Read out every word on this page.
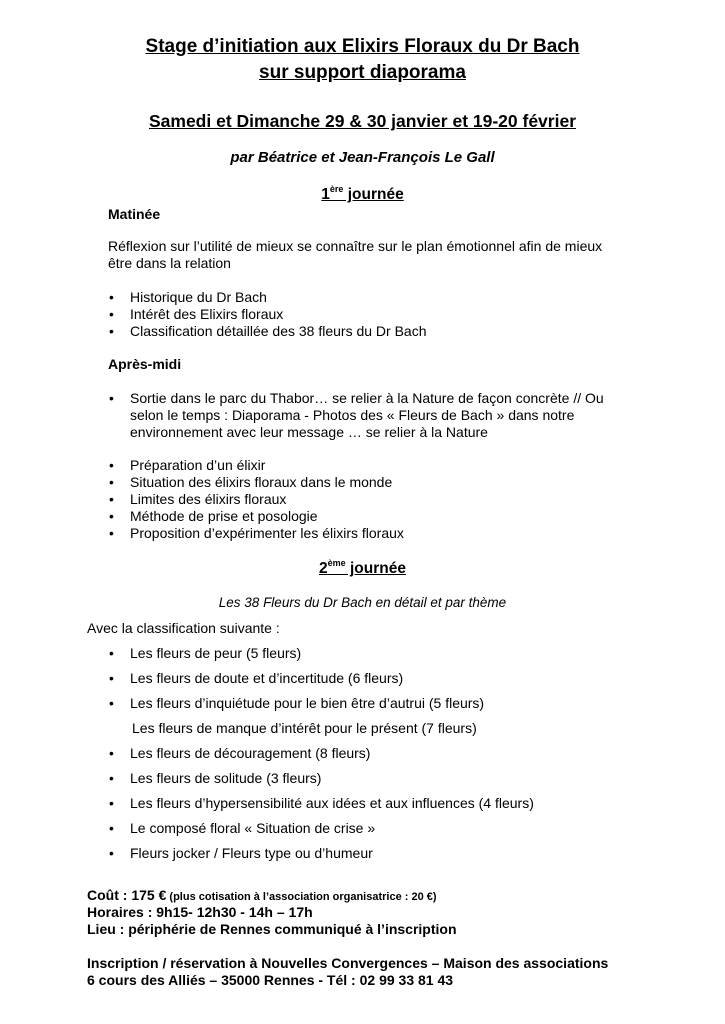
Stage d’initiation aux Elixirs Floraux du Dr Bach
sur support diaporama
Samedi et Dimanche 29 & 30 janvier et 19-20 février
par Béatrice et Jean-François Le Gall
1ère journée
Matinée
Réflexion sur l’utilité de mieux se connaître sur le plan émotionnel afin de mieux
être dans la relation
• Historique du Dr Bach
• Intérêt des Elixirs floraux
• Classification détaillée des 38 fleurs du Dr Bach
Après-midi
• Sortie dans le parc du Thabor… se relier à la Nature de façon concrète // Ou
selon le temps : Diaporama - Photos des « Fleurs de Bach » dans notre
environnement avec leur message … se relier à la Nature
• Préparation d’un élixir
• Situation des élixirs floraux dans le monde
• Limites des élixirs floraux
• Méthode de prise et posologie
• Proposition d’expérimenter les élixirs floraux
2ème journée
Les 38 Fleurs du Dr Bach en détail et par thème
Avec la classification suivante :
• Les fleurs de peur (5 fleurs)
• Les fleurs de doute et d’incertitude (6 fleurs)
• Les fleurs d’inquiétude pour le bien être d’autrui (5 fleurs)
Les fleurs de manque d’intérêt pour le présent (7 fleurs)
• Les fleurs de découragement (8 fleurs)
• Les fleurs de solitude (3 fleurs)
• Les fleurs d’hypersensibilité aux idées et aux influences (4 fleurs)
• Le composé floral « Situation de crise »
• Fleurs jocker / Fleurs type ou d’humeur
Coût : 175 € (plus cotisation à l’association organisatrice : 20 €)
Horaires : 9h15- 12h30 - 14h – 17h
Lieu : périphérie de Rennes communiqué à l’inscription
Inscription / réservation à Nouvelles Convergences – Maison des associations
6 cours des Alliés – 35000 Rennes - Tél : 02 99 33 81 43
